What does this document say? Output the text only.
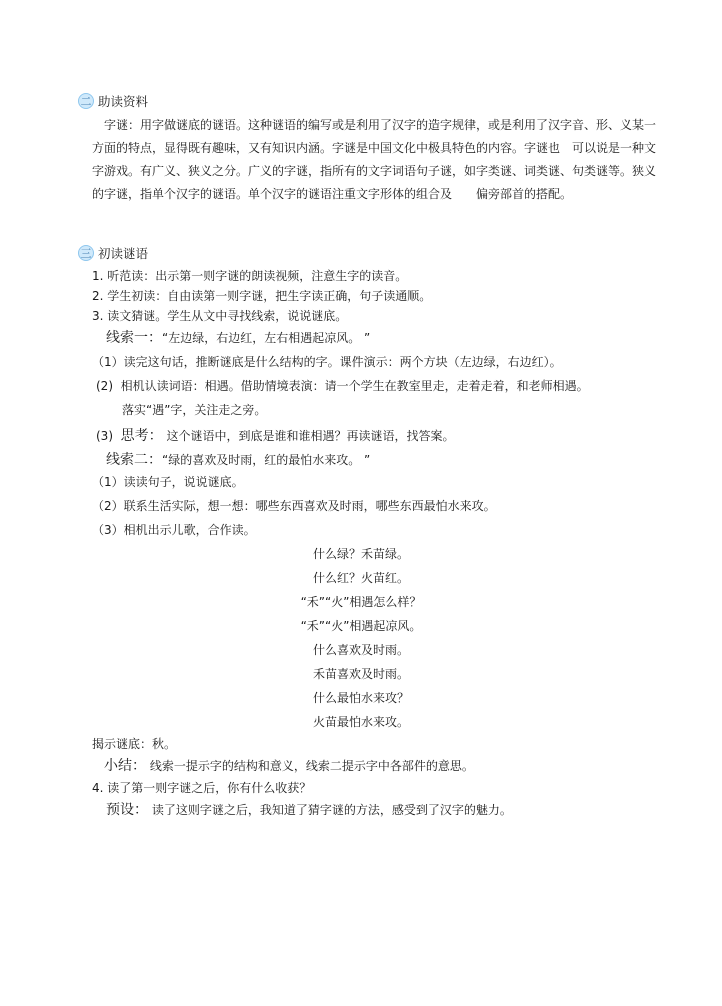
二 助读资料
字谜：用字做谜底的谜语。这种谜语的编写或是利用了汉字的造字规律，或是利用了汉字音、形、义某一方面的特点，显得既有趣味，又有知识内涵。字谜是中国文化中极具特色的内容。字谜也　可以说是一种文字游戏。有广义、狭义之分。广义的字谜，指所有的文字词语句子谜，如字类谜、词类谜、句类谜等。狭义的字谜，指单个汉字的谜语。单个汉字的谜语注重文字形体的组合及　　偏旁部首的搭配。
三 初读谜语
1. 听范读：出示第一则字谜的朗读视频，注意生字的读音。
2. 学生初读：自由读第一则字谜，把生字读正确，句子读通顺。
3. 读文猜谜。学生从文中寻找线索，说说谜底。
线索一：“左边绿，右边红，左右相遇起凉风。 ”
（1）读完这句话，推断谜底是什么结构的字。课件演示：两个方块（左边绿，右边红）。
(2) 相机认读词语：相遇。借助情境表演：请一个学生在教室里走，走着走着，和老师相遇。
落实“遇”字，关注走之旁。
(3) 思考： 这个谜语中，到底是谁和谁相遇？再读谜语，找答案。
线索二：“绿的喜欢及时雨，红的最怕水来攻。 ”
（1）读读句子，说说谜底。
（2）联系生活实际，想一想：哪些东西喜欢及时雨，哪些东西最怕水来攻。
（3）相机出示儿歌，合作读。
什么绿？禾苗绿。
什么红？火苗红。
“禾”“火”相遇怎么样？
“禾”“火”相遇起凉风。
什么喜欢及时雨。
禾苗喜欢及时雨。
什么最怕水来攻？
火苗最怕水来攻。
揭示谜底：秋。
小结： 线索一提示字的结构和意义，线索二提示字中各部件的意思。
4. 读了第一则字谜之后，你有什么收获？
预设： 读了这则字谜之后，我知道了猜字谜的方法，感受到了汉字的魅力。
